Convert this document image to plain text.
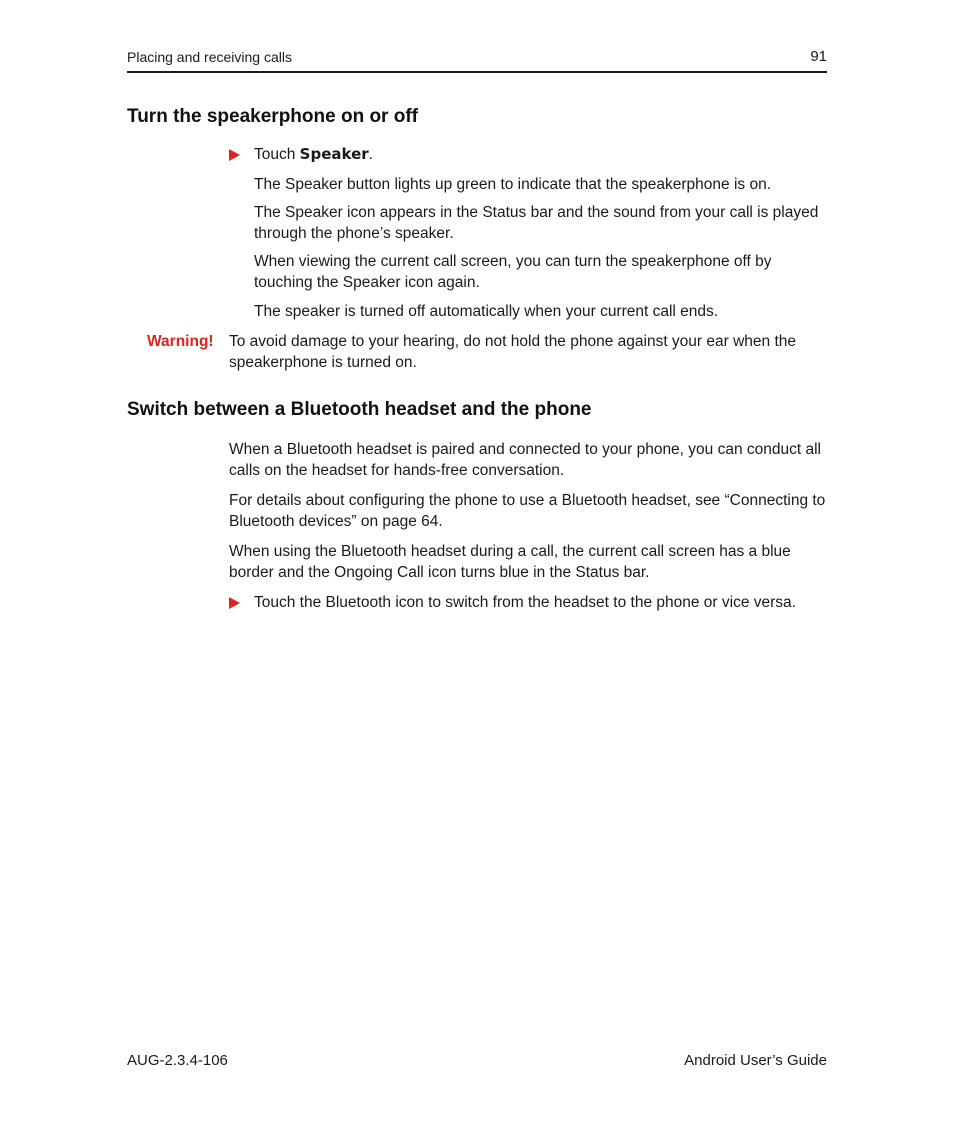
Placing and receiving calls	91
Turn the speakerphone on or off
Touch Speaker.

The Speaker button lights up green to indicate that the speakerphone is on.

The Speaker icon appears in the Status bar and the sound from your call is played through the phone’s speaker.

When viewing the current call screen, you can turn the speakerphone off by touching the Speaker icon again.

The speaker is turned off automatically when your current call ends.

Warning! To avoid damage to your hearing, do not hold the phone against your ear when the speakerphone is turned on.

Switch between a Bluetooth headset and the phone

When a Bluetooth headset is paired and connected to your phone, you can conduct all calls on the headset for hands-free conversation.

For details about configuring the phone to use a Bluetooth headset, see “Connecting to Bluetooth devices” on page 64.

When using the Bluetooth headset during a call, the current call screen has a blue border and the Ongoing Call icon turns blue in the Status bar.

Touch the Bluetooth icon to switch from the headset to the phone or vice versa.
AUG-2.3.4-106	Android User’s Guide
